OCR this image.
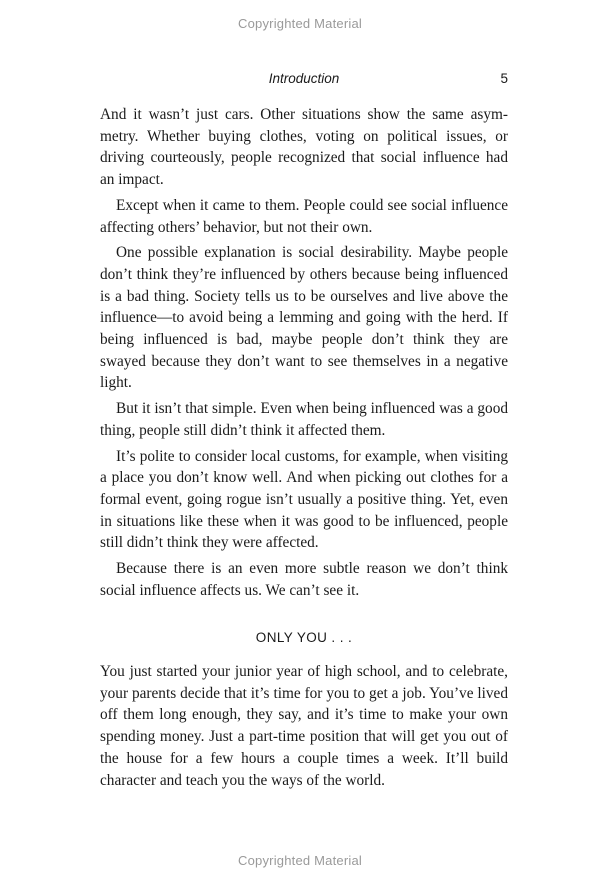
Copyrighted Material
Introduction	5

And it wasn’t just cars. Other situations show the same asymmetry. Whether buying clothes, voting on political issues, or driving courteously, people recognized that social influence had an impact.

Except when it came to them. People could see social influence affecting others’ behavior, but not their own.

One possible explanation is social desirability. Maybe people don’t think they’re influenced by others because being influenced is a bad thing. Society tells us to be ourselves and live above the influence—to avoid being a lemming and going with the herd. If being influenced is bad, maybe people don’t think they are swayed because they don’t want to see themselves in a negative light.

But it isn’t that simple. Even when being influenced was a good thing, people still didn’t think it affected them.

It’s polite to consider local customs, for example, when visiting a place you don’t know well. And when picking out clothes for a formal event, going rogue isn’t usually a positive thing. Yet, even in situations like these when it was good to be influenced, people still didn’t think they were affected.

Because there is an even more subtle reason we don’t think social influence affects us. We can’t see it.

ONLY YOU . . .

You just started your junior year of high school, and to celebrate, your parents decide that it’s time for you to get a job. You’ve lived off them long enough, they say, and it’s time to make your own spending money. Just a part-time position that will get you out of the house for a few hours a couple times a week. It’ll build character and teach you the ways of the world.

Copyrighted Material
